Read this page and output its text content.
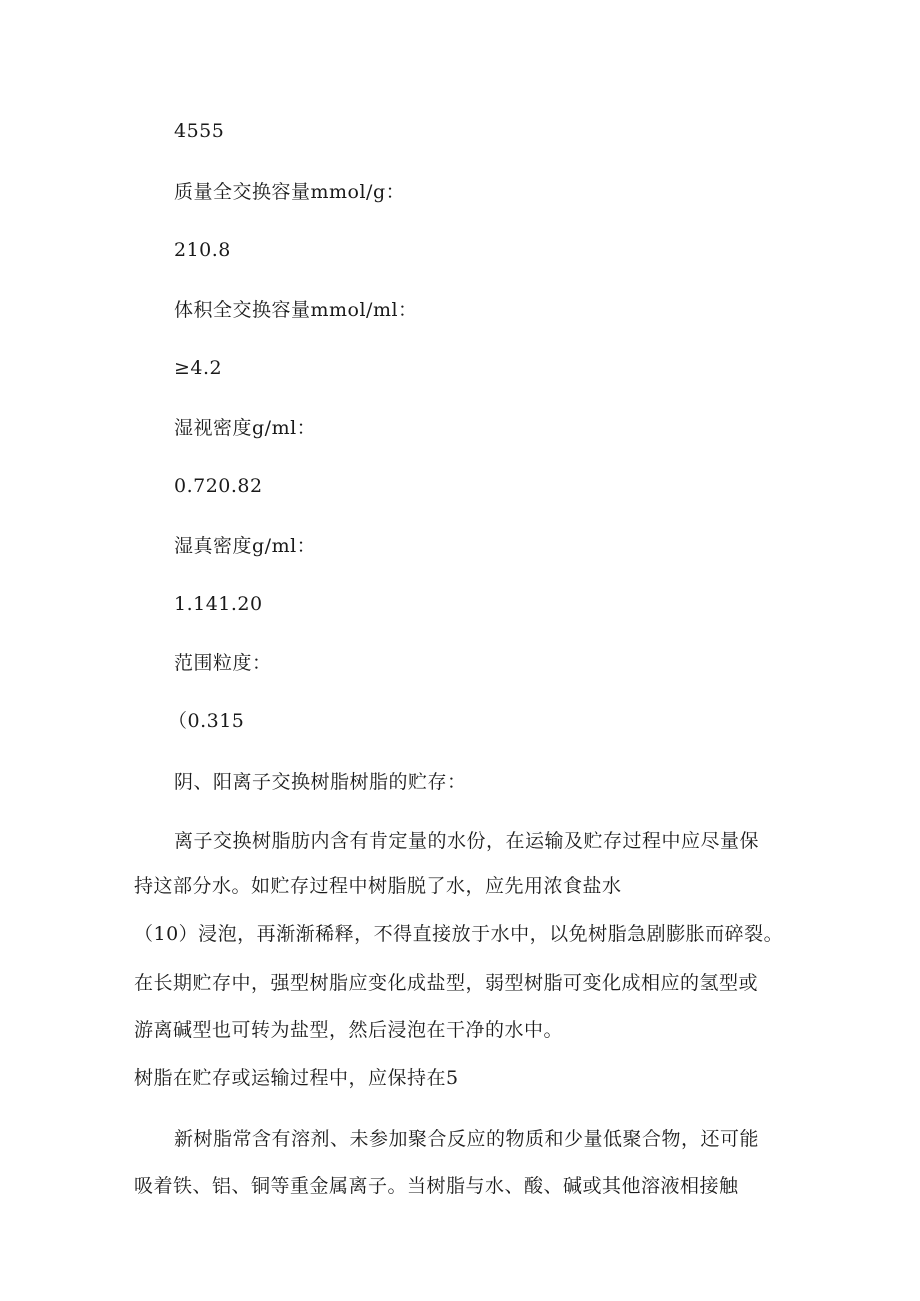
4555
质量全交换容量mmol/g：
210.8
体积全交换容量mmol/ml：
≥4.2
湿视密度g/ml：
0.720.82
湿真密度g/ml：
1.141.20
范围粒度：
（0.315
阴、阳离子交换树脂树脂的贮存：
离子交换树脂肪内含有肯定量的水份，在运输及贮存过程中应尽量保
持这部分水。如贮存过程中树脂脱了水，应先用浓食盐水
（10）浸泡，再渐渐稀释，不得直接放于水中，以免树脂急剧膨胀而碎裂。
在长期贮存中，强型树脂应变化成盐型，弱型树脂可变化成相应的氢型或
游离碱型也可转为盐型，然后浸泡在干净的水中。
树脂在贮存或运输过程中，应保持在5
新树脂常含有溶剂、未参加聚合反应的物质和少量低聚合物，还可能
吸着铁、铝、铜等重金属离子。当树脂与水、酸、碱或其他溶液相接触
